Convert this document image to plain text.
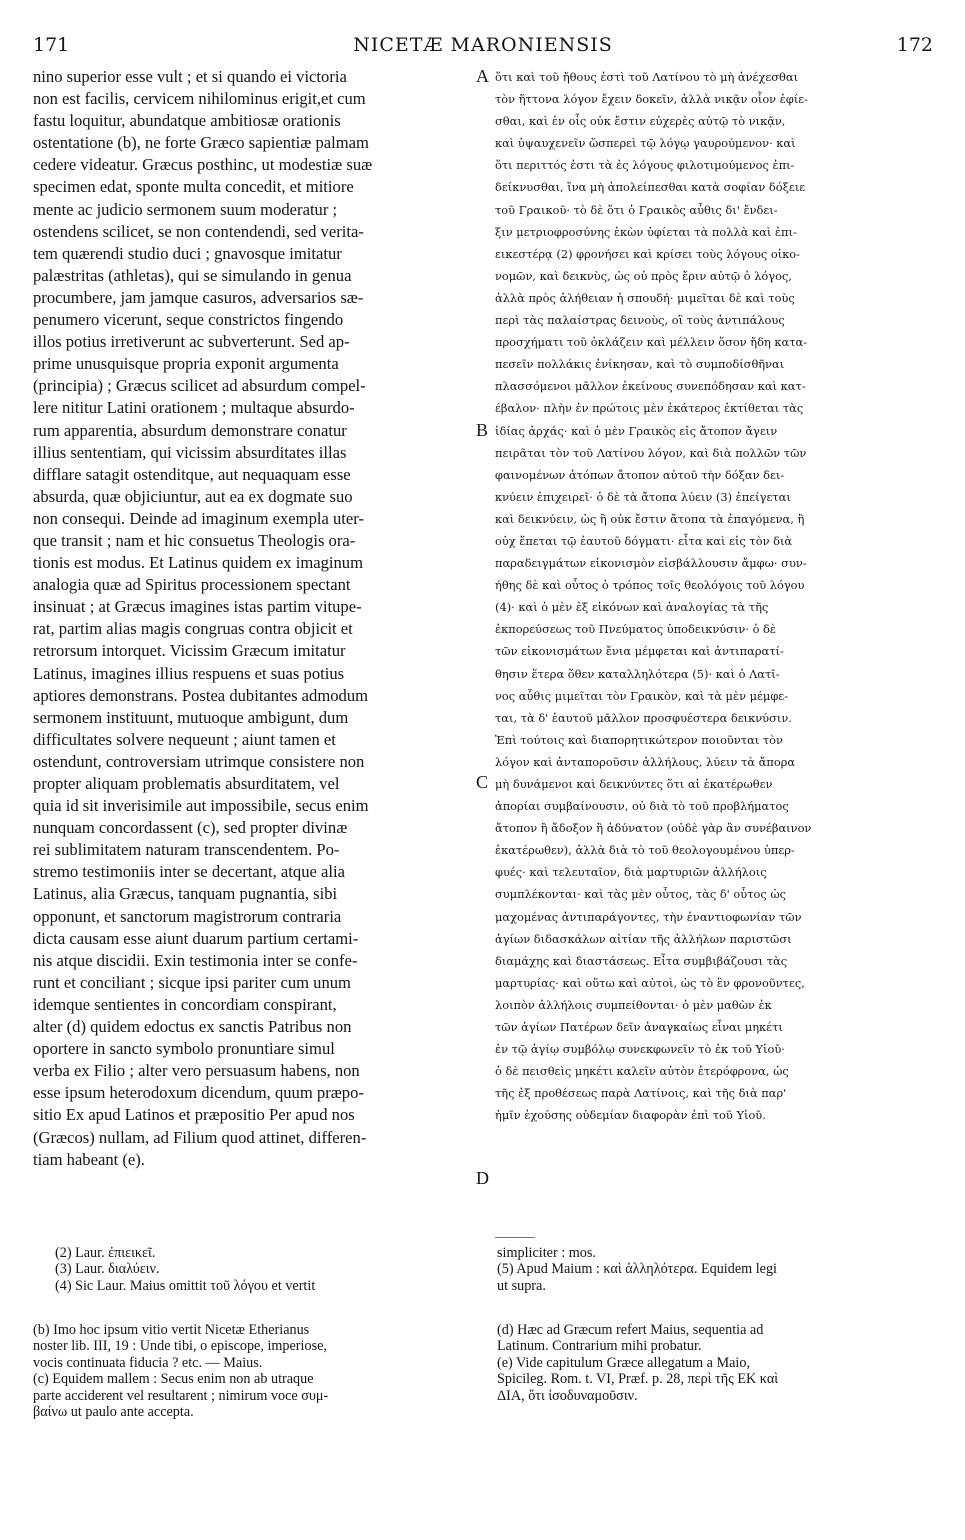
171	NICETÆ MARONIENSIS	172
nino superior esse vult ; et si quando ei victoria
non est facilis, cervicem nihilominus erigit,et cum
fastu loquitur, abundatque ambitiosæ orationis
ostentatione (b), ne forte Græco sapientiæ palmam
cedere videatur. Græcus posthinc, ut modestiæ suæ
specimen edat, sponte multa concedit, et mitiore
mente ac judicio sermonem suum moderatur ;
ostendens scilicet, se non contendendi, sed verita-
tem quærendi studio duci ; gnavosque imitatur
palæstritas (athletas), qui se simulando in genua
procumbere, jam jamque casuros, adversarios sæ-
penumero vicerunt, seque constrictos fingendo
illos potius irretiverunt ac subverterunt. Sed ap-
prime unusquisque propria exponit argumenta
(principia) ; Græcus scilicet ad absurdum compel-
lere nititur Latini orationem ; multaque absurdo-
rum apparentia, absurdum demonstrare conatur
illius sententiam, qui vicissim absurditates illas
difflare satagit ostenditque, aut nequaquam esse
absurda, quæ objiciuntur, aut ea ex dogmate suo
non consequi. Deinde ad imaginum exempla uter-
que transit ; nam et hic consuetus Theologis ora-
tionis est modus. Et Latinus quidem ex imaginum
analogia quæ ad Spiritus processionem spectant
insinuat ; at Græcus imagines istas partim vitupe-
rat, partim alias magis congruas contra objicit et
retrorsum intorquet. Vicissim Græcum imitatur
Latinus, imagines illius respuens et suas potius
aptiores demonstrans. Postea dubitantes admodum
sermonem instituunt, mutuoque ambigunt, dum
difficultates solvere nequeunt ; aiunt tamen et
ostendunt, controversiam utrimque consistere non
propter aliquam problematis absurditatem, vel
quia id sit inverisimile aut impossibile, secus enim
nunquam concordassent (c), sed propter divinæ
rei sublimitatem naturam transcendentem. Po-
stremo testimoniis inter se decertant, atque alia
Latinus, alia Græcus, tanquam pugnantia, sibi
opponunt, et sanctorum magistrorum contraria
dicta causam esse aiunt duarum partium certami-
nis atque discidii. Exin testimonia inter se confe-
runt et conciliant ; sicque ipsi pariter cum unum
idemque sentientes in concordiam conspirant,
alter (d) quidem edoctus ex sanctis Patribus non
oportere in sancto symbolo pronuntiare simul
verba ex Filio ; alter vero persuasum habens, non
esse ipsum heterodoxum dicendum, quum præpo-
sitio Ex apud Latinos et præpositio Per apud nos
(Græcos) nullam, ad Filium quod attinet, differen-
tiam habeant (e).
ὅτι καὶ τοῦ ἤθους ἐστὶ τοῦ Λατίνου τὸ μὴ ἀνέχεσθαι
τὸν ἥττονα λόγον ἔχειν δοκεῖν, ἀλλὰ νικᾷν οἷον ἐφίε-
σθαι, καὶ ἐν οἷς οὐκ ἔστιν εὐχερὲς αὐτῷ τὸ νικᾷν,
καὶ ὑψαυχενεῖν ὥσπερεὶ τῷ λόγῳ γαυρούμενον· καὶ
ὅτι περιττός ἐστι τὰ ἐς λόγους φιλοτιμούμενος ἐπι-
δείκνυσθαι, ἵνα μὴ ἀπολείπεσθαι κατὰ σοφίαν δόξειε
τοῦ Γραικοῦ· τὸ δὲ ὅτι ὁ Γραικὸς αὖθις δι' ἔνδει-
ξιν μετριοφροσύνης ἑκὼν ὑφίεται τὰ πολλὰ καὶ ἐπι-
εικεστέρᾳ (2) φρονήσει καὶ κρίσει τοὺς λόγους οἰκο-
νομῶν, καὶ δεικνὺς, ὡς οὐ πρὸς ἔριν αὐτῷ ὁ λόγος,
ἀλλὰ πρὸς ἀλήθειαν ἡ σπουδή· μιμεῖται δὲ καὶ τοὺς
περὶ τὰς παλαίστρας δεινοὺς, οἳ τοὺς ἀντιπάλους
προσχήματι τοῦ ὀκλάζειν καὶ μέλλειν ὅσον ἤδη κατα-
πεσεῖν πολλάκις ἐνίκησαν, καὶ τὸ συμποδίσθῆναι
πλασσόμενοι μᾶλλον ἐκείνους συνεπόδησαν καὶ κατ-
έβαλον· πλὴν ἐν πρώτοις μὲν ἑκάτερος ἐκτίθεται τὰς
ἰδίας ἀρχάς· καὶ ὁ μὲν Γραικὸς εἰς ἄτοπον ἄγειν
πειρᾶται τὸν τοῦ Λατίνου λόγον, καὶ διὰ πολλῶν τῶν
φαινομένων ἀτόπων ἄτοπον αὐτοῦ τὴν δόξαν δει-
κνύειν ἐπιχειρεῖ· ὁ δὲ τὰ ἄτοπα λύειν (3) ἐπείγεται
καὶ δεικνύειν, ὡς ἢ οὐκ ἔστιν ἄτοπα τὰ ἐπαγόμενα, ἢ
οὐχ ἕπεται τῷ ἑαυτοῦ δόγματι· εἶτα καὶ εἰς τὸν διὰ
παραδειγμάτων εἰκονισμὸν εἰσβάλλουσιν ἄμφω· συν-
ήθης δὲ καὶ οὗτος ὁ τρόπος τοῖς θεολόγοις τοῦ λόγου
(4)· καὶ ὁ μὲν ἐξ εἰκόνων καὶ ἀναλογίας τὰ τῆς
ἐκπορεύσεως τοῦ Πνεύματος ὑποδεικνύσιν· ὁ δὲ
τῶν εἰκονισμάτων ἔνια μέμφεται καὶ ἀντιπαρατί-
θησιν ἕτερα ὅθεν καταλληλότερα (5)· καὶ ὁ Λατῖ-
νος αὖθις μιμεῖται τὸν Γραικὸν, καὶ τὰ μὲν μέμφε-
ται, τὰ δ' ἑαυτοῦ μᾶλλον προσφυέστερα δεικνύσιν.
Ἐπὶ τούτοις καὶ διαπορητικώτερον ποιοῦνται τὸν
λόγον καὶ ἀνταποροῦσιν ἀλλήλους, λύειν τὰ ἄπορα
μὴ δυνάμενοι καὶ δεικνύντες ὅτι αἱ ἑκατέρωθεν
ἀπορίαι συμβαίνουσιν, οὐ διὰ τὸ τοῦ προβλήματος
ἄτοπον ἢ ἄδοξον ἢ ἀδύνατον (οὐδὲ γὰρ ἂν συνέβαινον
ἑκατέρωθεν), ἀλλὰ διὰ τὸ τοῦ θεολογουμένου ὑπερ-
φυές· καὶ τελευταῖον, διὰ μαρτυριῶν ἀλλήλοις
συμπλέκονται· καὶ τὰς μὲν οὗτος, τὰς δ' οὗτος ὡς
μαχομένας ἀντιπαράγοντες, τὴν ἐναντιοφωνίαν τῶν
ἁγίων διδασκάλων αἰτίαν τῆς ἀλλήλων παριστῶσι
διαμάχης καὶ διαστάσεως. Εἶτα συμβιβάζουσι τὰς
μαρτυρίας· καὶ οὕτω καὶ αὐτοὶ, ὡς τὸ ἓν φρονοῦντες,
λοιπὸν ἀλλήλοις συμπείθονται· ὁ μὲν μαθὼν ἐκ
τῶν ἁγίων Πατέρων δεῖν ἀναγκαίως εἶναι μηκέτι
ἐν τῷ ἁγίῳ συμβόλῳ συνεκφωνεῖν τὸ ἐκ τοῦ Υἱοῦ·
ὁ δὲ πεισθεὶς μηκέτι καλεῖν αὐτὸν ἑτερόφρονα, ὡς
τῆς ἐξ προθέσεως παρὰ Λατίνοις, καὶ τῆς διὰ παρ'
ἡμῖν ἐχούσης οὐδεμίαν διαφορὰν ἐπὶ τοῦ Υἱοῦ.
A
B
C
D
(2) Laur. ἐπιεικεῖ.
(3) Laur. διαλύειν.
(4) Sic Laur. Maius omittit τοῦ λόγου et vertit
simpliciter : mos.
(5) Apud Maium : καὶ ἀλληλότερα. Equidem legi
ut supra.
(b) Imo hoc ipsum vitio vertit Nicetæ Etherianus
noster lib. III, 19 : Unde tibi, o episcope, imperiose,
vocis continuata fiducia ? etc. — Maius.
(c) Equidem mallem : Secus enim non ab utraque
parte acciderent vel resultarent ; nimirum voce συμ-
βαίνω ut paulo ante accepta.
(d) Hæc ad Græcum refert Maius, sequentia ad
Latinum. Contrarium mihi probatur.
(e) Vide capitulum Græce allegatum a Maio,
Spicileg. Rom. t. VI, Præf. p. 28, περὶ τῆς ΕΚ καὶ
ΔΙΑ, ὅτι ἰσοδυναμοῦσιν.
